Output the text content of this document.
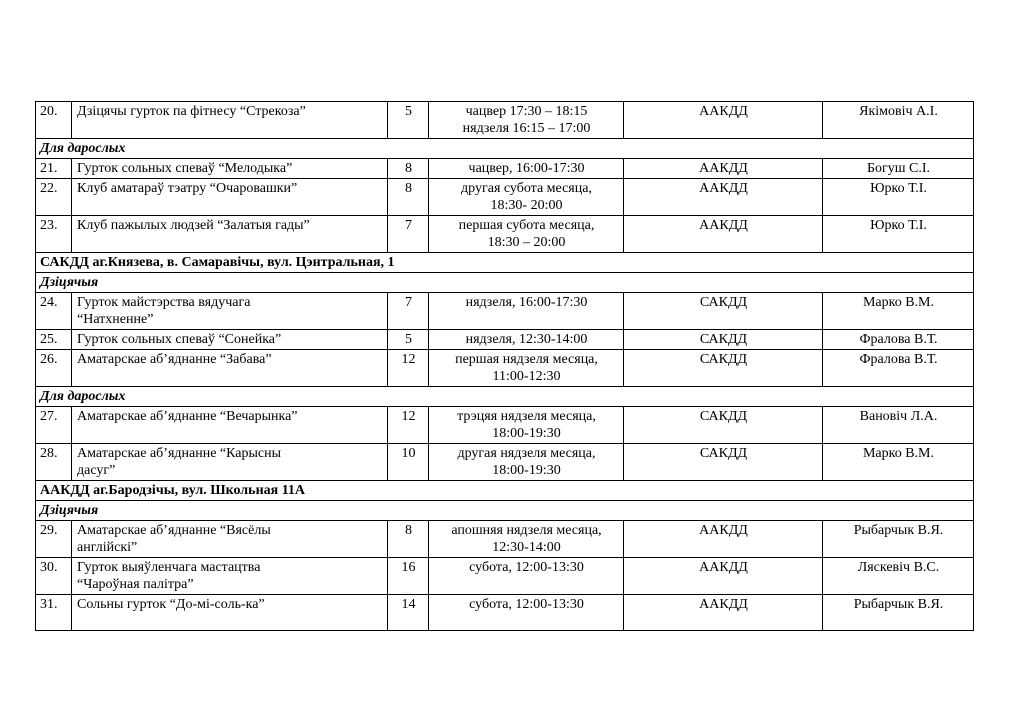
20.	Дзіцячы гурток па фітнесу “Стрекоза”	5	чацвер 17:30 – 18:15
нядзеля 16:15 – 17:00	ААКДД	Якімовіч А.І.
Для дарослых					
21.	Гурток сольных спеваў “Мелодыка”	8	чацвер, 16:00-17:30	ААКДД	Богуш С.І.
22.	Клуб аматараў тэатру “Очаровашки”	8	другая субота месяца,
18:30- 20:00	ААКДД	Юрко Т.І.
23.	Клуб пажылых людзей “Залатыя гады”	7	першая субота месяца,
18:30 – 20:00	ААКДД	Юрко Т.І.
САКДД аг.Князева, в. Самаравічы, вул. Цэнтральная, 1					
Дзіцячыя					
24.	Гурток майстэрства вядучага
“Натхненне”	7	нядзеля, 16:00-17:30	САКДД	Марко В.М.
25.	Гурток сольных спеваў “Сонейка”	5	нядзеля, 12:30-14:00	САКДД	Фралова В.Т.
26.	Аматарскае аб’яднанне “Забава”	12	першая нядзеля месяца,
11:00-12:30	САКДД	Фралова В.Т.
Для дарослых					
27.	Аматарскае аб’яднанне “Вечарынка”	12	трэцяя нядзеля месяца,
18:00-19:30	САКДД	Вановіч Л.А.
28.	Аматарскае аб’яднанне “Карысны
дасуг”	10	другая нядзеля месяца,
18:00-19:30	САКДД	Марко В.М.
ААКДД аг.Бародзічы, вул. Школьная 11А					
Дзіцячыя					
29.	Аматарскае аб’яднанне “Вясёлы
англійскі”	8	апошняя нядзеля месяца,
12:30-14:00	ААКДД	Рыбарчык В.Я.
30.	Гурток выяўленчага мастацтва
“Чароўная палітра”	16	субота, 12:00-13:30	ААКДД	Ляскевіч В.С.
31.	Сольны гурток “До-мі-соль-ка”	14	субота, 12:00-13:30	ААКДД	Рыбарчык В.Я.
